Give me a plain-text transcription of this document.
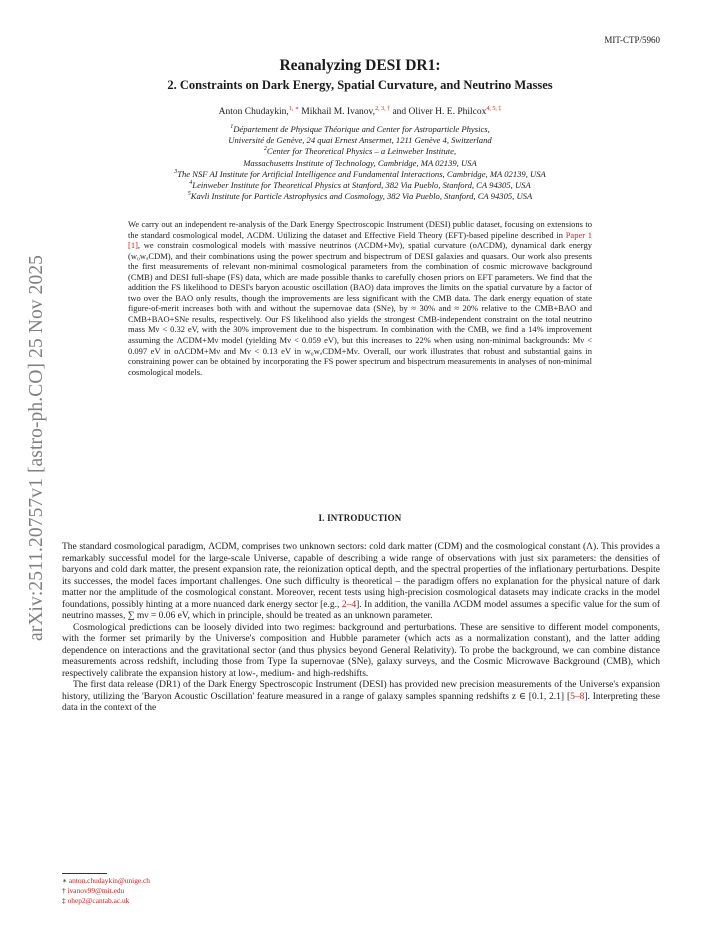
arXiv:2511.20757v1 [astro-ph.CO] 25 Nov 2025
MIT-CTP/5960
Reanalyzing DESI DR1:
2. Constraints on Dark Energy, Spatial Curvature, and Neutrino Masses
Anton Chudaykin,$^{1, ∗}$ Mikhail M. Ivanov,$^{2, 3, \dagger}$ and Oliver H. E. Philcox$^{4, 5, \ddagger}$
$^1$Département de Physique Théorique and Center for Astroparticle Physics,
Université de Genève, 24 quai Ernest Ansermet, 1211 Genève 4, Switzerland
$^2$Center for Theoretical Physics – a Leinweber Institute,
Massachusetts Institute of Technology, Cambridge, MA 02139, USA
$^3$The NSF AI Institute for Artificial Intelligence and Fundamental Interactions, Cambridge, MA 02139, USA
$^4$Leinweber Institute for Theoretical Physics at Stanford, 382 Via Pueblo, Stanford, CA 94305, USA
$^5$Kavli Institute for Particle Astrophysics and Cosmology, 382 Via Pueblo, Stanford, CA 94305, USA
We carry out an independent re-analysis of the Dark Energy Spectroscopic Instrument (DESI) public dataset, focusing on extensions to the standard cosmological model, ΛCDM. Utilizing the dataset and Effective Field Theory (EFT)-based pipeline described in Paper 1 [1], we constrain cosmological models with massive neutrinos (ΛCDM+Mν), spatial curvature (oΛCDM), dynamical dark energy (w₀wₐCDM), and their combinations using the power spectrum and bispectrum of DESI galaxies and quasars. Our work also presents the first measurements of relevant non-minimal cosmological parameters from the combination of cosmic microwave background (CMB) and DESI full-shape (FS) data, which are made possible thanks to carefully chosen priors on EFT parameters. We find that the addition the FS likelihood to DESI's baryon acoustic oscillation (BAO) data improves the limits on the spatial curvature by a factor of two over the BAO only results, though the improvements are less significant with the CMB data. The dark energy equation of state figure-of-merit increases both with and without the supernovae data (SNe), by ≈ 30% and ≈ 20% relative to the CMB+BAO and CMB+BAO+SNe results, respectively. Our FS likelihood also yields the strongest CMB-independent constraint on the total neutrino mass Mν < 0.32 eV, with the 30% improvement due to the bispectrum. In combination with the CMB, we find a 14% improvement assuming the ΛCDM+Mν model (yielding Mν < 0.059 eV), but this increases to 22% when using non-minimal backgrounds: Mν < 0.097 eV in oΛCDM+Mν and Mν < 0.13 eV in w₀wₐCDM+Mν. Overall, our work illustrates that robust and substantial gains in constraining power can be obtained by incorporating the FS power spectrum and bispectrum measurements in analyses of non-minimal cosmological models.
I. INTRODUCTION

The standard cosmological paradigm, ΛCDM, comprises two unknown sectors: cold dark matter (CDM) and the cosmological constant (Λ). This provides a remarkably successful model for the large-scale Universe, capable of describing a wide range of observations with just six parameters: the densities of baryons and cold dark matter, the present expansion rate, the reionization optical depth, and the spectral properties of the inflationary perturbations. Despite its successes, the model faces important challenges. One such difficulty is theoretical – the paradigm offers no explanation for the physical nature of dark matter nor the amplitude of the cosmological constant. Moreover, recent tests using high-precision cosmological datasets may indicate cracks in the model foundations, possibly hinting at a more nuanced dark energy sector [e.g., 2–4]. In addition, the vanilla ΛCDM model assumes a specific value for the sum of neutrino masses, ∑ mν = 0.06 eV, which in principle, should be treated as an unknown parameter.

Cosmological predictions can be loosely divided into two regimes: background and perturbations. These are sensitive to different model components, with the former set primarily by the Universe's composition and Hubble parameter (which acts as a normalization constant), and the latter adding dependence on interactions and the gravitational sector (and thus physics beyond General Relativity). To probe the background, we can combine distance measurements across redshift, including those from Type Ia supernovae (SNe), galaxy surveys, and the Cosmic Microwave Background (CMB), which respectively calibrate the expansion history at low-, medium- and high-redshifts.

The first data release (DR1) of the Dark Energy Spectroscopic Instrument (DESI) has provided new precision measurements of the Universe's expansion history, utilizing the 'Baryon Acoustic Oscillation' feature measured in a range of galaxy samples spanning redshifts z ∈ [0.1, 2.1] [5–8]. Interpreting these data in the context of the

∗ anton.chudaykin@unige.ch
† ivanov99@mit.edu
‡ ohep2@cantab.ac.uk
